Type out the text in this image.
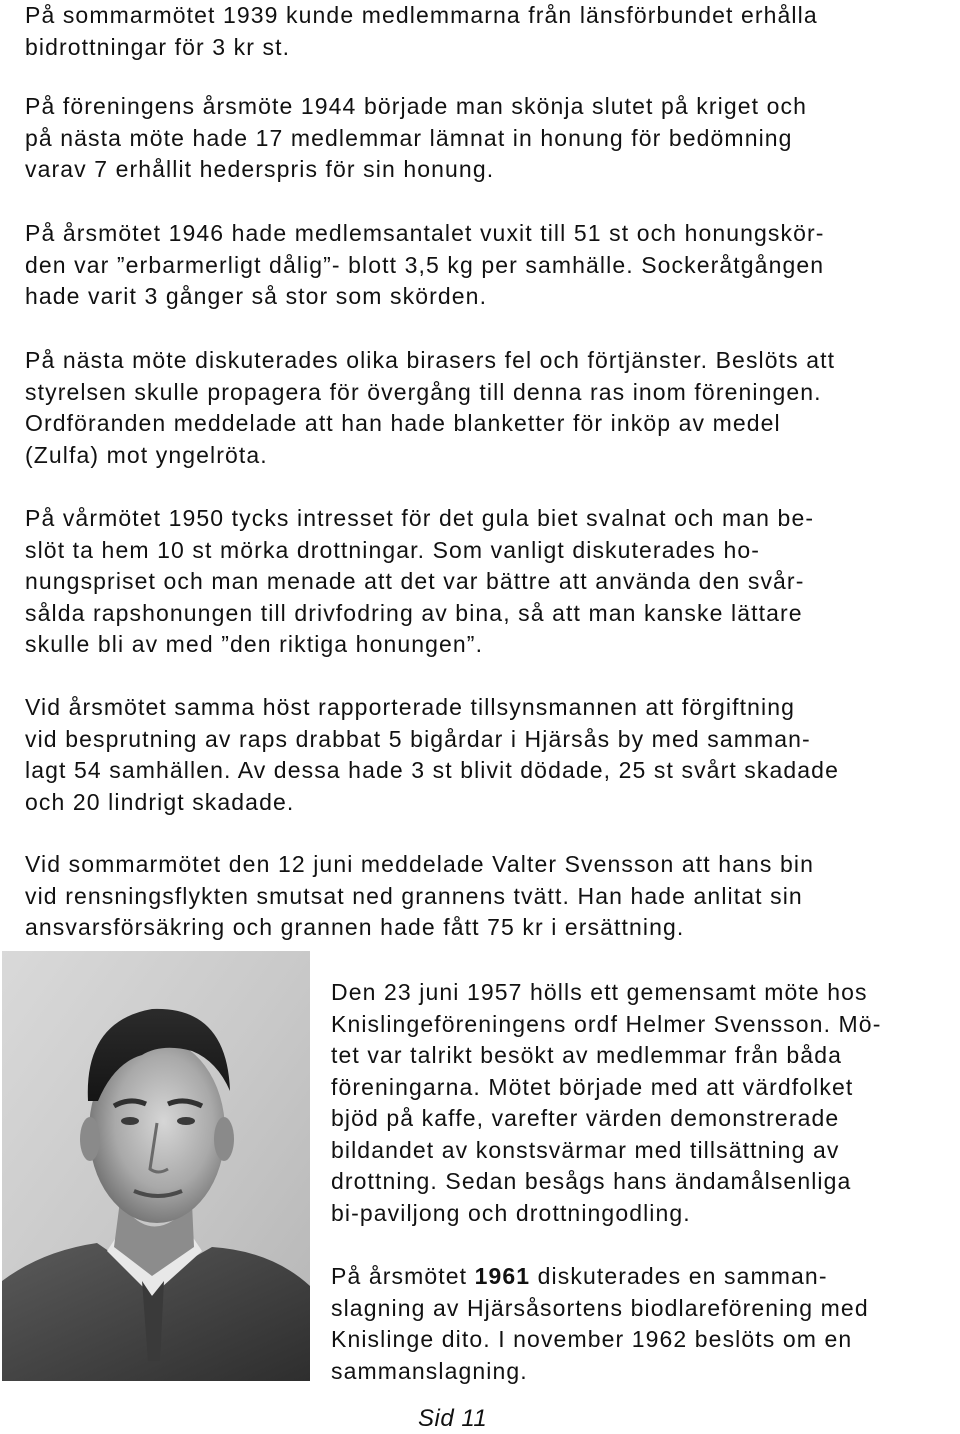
På sommarmötet 1939 kunde medlemmarna från länsförbundet erhålla
bidrottningar för 3 kr st.
På föreningens årsmöte 1944 började man skönja slutet på kriget och
på nästa möte hade 17 medlemmar lämnat in honung för bedömning
varav 7 erhållit hederspris för sin honung.
På årsmötet 1946 hade medlemsantalet vuxit till 51 st och honungskör-
den var ”erbarmerligt dålig”- blott 3,5 kg per samhälle. Sockeråtgången
hade varit 3 gånger så stor som skörden.
På nästa möte diskuterades olika birasers fel och förtjänster. Beslöts att
styrelsen skulle propagera för övergång till denna ras inom föreningen.
Ordföranden meddelade att han hade blanketter för inköp av medel
(Zulfa) mot yngelröta.
På vårmötet 1950 tycks intresset för det gula biet svalnat och man be-
slöt ta hem 10 st mörka drottningar. Som vanligt diskuterades ho-
nungspriset och man menade att det var bättre att använda den svår-
sålda rapshonungen till drivfodring av bina, så att man kanske lättare
skulle bli av med ”den riktiga honungen”.
Vid årsmötet samma höst rapporterade tillsynsmannen att förgiftning
vid besprutning av raps drabbat 5 bigårdar i Hjärsås by med samman-
lagt 54 samhällen. Av dessa hade 3 st blivit dödade, 25 st svårt skadade
och 20 lindrigt skadade.
Vid sommarmötet den 12 juni meddelade Valter Svensson att hans bin
vid rensningsflykten smutsat ned grannens tvätt. Han hade anlitat sin
ansvarsförsäkring och grannen hade fått 75 kr i ersättning.
Den 23 juni 1957 hölls ett gemensamt möte hos
Knislingeföreningens ordf Helmer Svensson. Mö-
tet var talrikt besökt av medlemmar från båda
föreningarna. Mötet började med att värdfolket
bjöd på kaffe, varefter värden demonstrerade
bildandet av konstsvärmar med tillsättning av
drottning. Sedan besågs hans ändamålsenliga
bi-paviljong och drottningodling.
På årsmötet 1961 diskuterades en samman-
slagning av Hjärsåsortens biodlareförening med
Knislinge dito. I november 1962 beslöts om en
sammanslagning.
Sid 11
